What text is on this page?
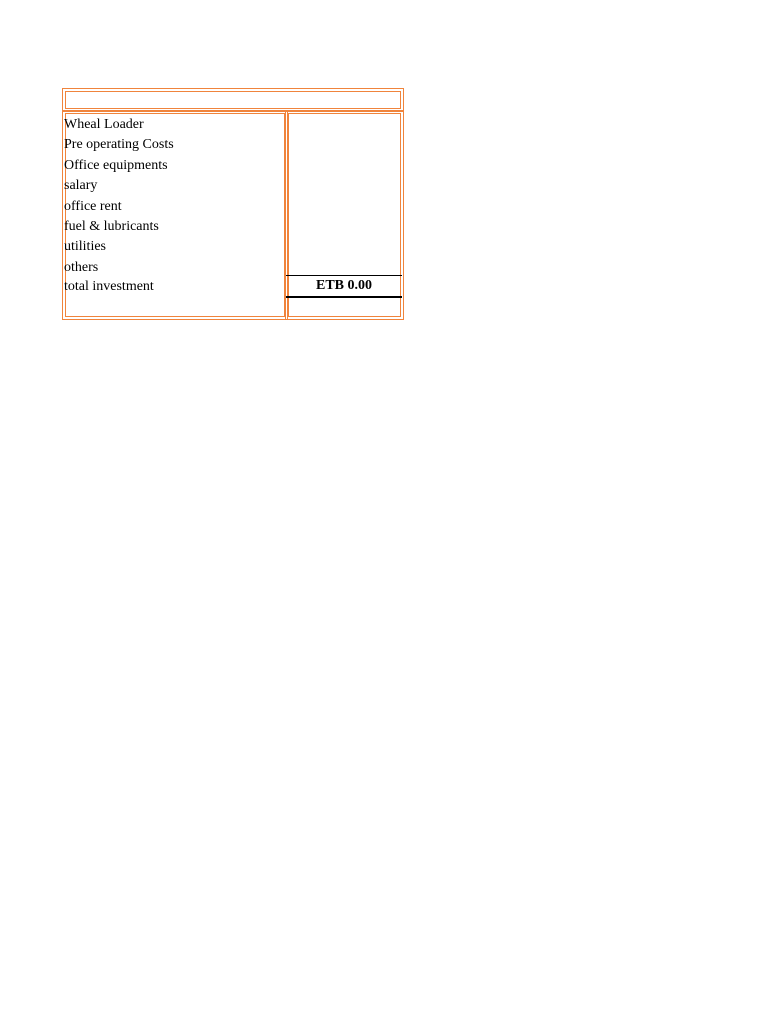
Wheal Loader
Pre operating Costs
Office equipments
salary
office rent
fuel & lubricants
utilities
others
total investment	ETB 0.00
